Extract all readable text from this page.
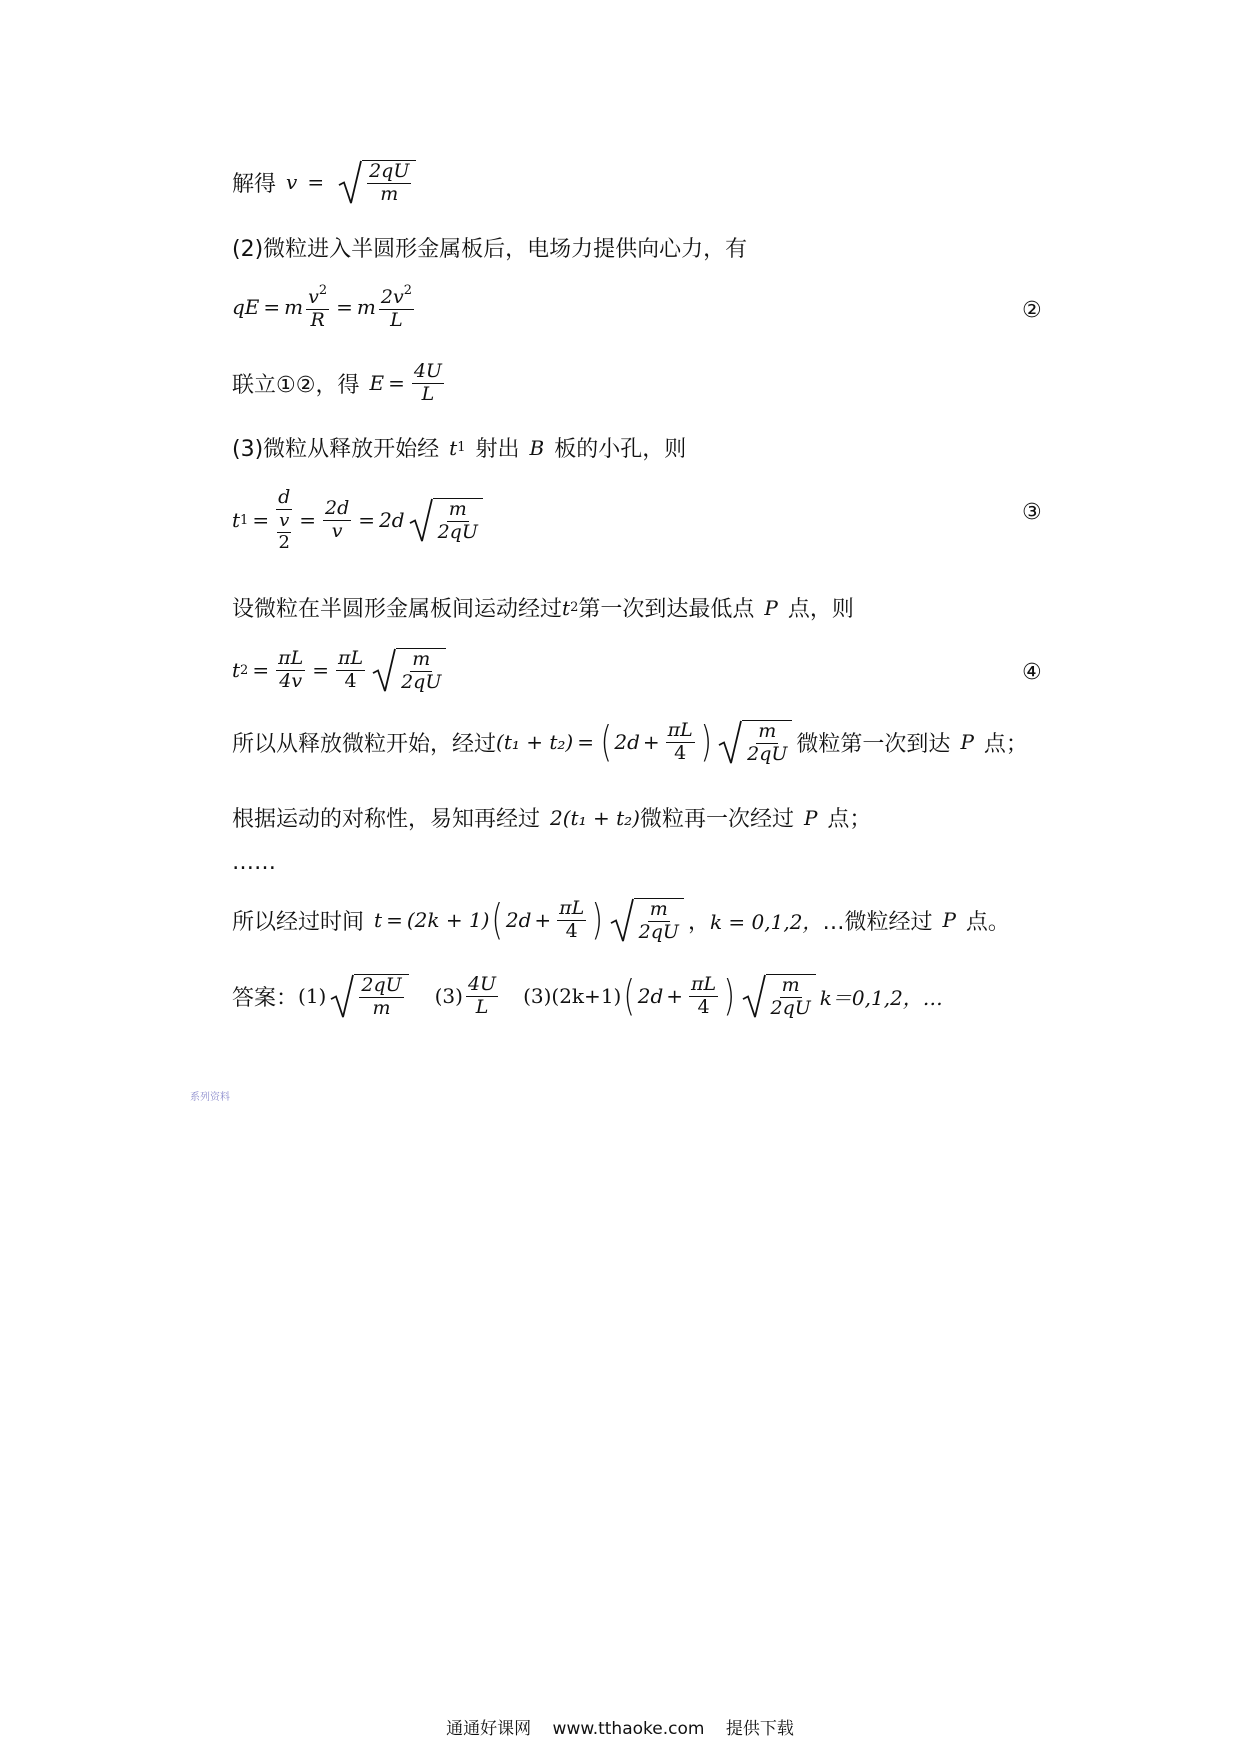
解得 $v = \frac{2qU}{m}$
(2)微粒进入半圆形金属板后，电场力提供向心力，有
qE = m $\frac{v^2}{R} = m \frac{2v^2}{L}$	②
联立①②，得 $E = \frac{4U}{L}$
(3)微粒从释放开始经 t 1 射出 B 板的小孔，则
t $1 = \frac{d}{\frac{v}{2}} = \frac{2d}{v} = 2d \frac{m}{2qU}$	③
设微粒在半圆形金属板间运动经过 t 2 第一次到达最低点 P 点，则
t $2 = \frac{\pi L}{4v} = \frac{\pi L}{4} \frac{m}{2qU}$	④
所以从释放微粒开始，经过 (t₁ + t₂) = ( $2d + \frac{\pi L}{4}$ ) $\frac{m}{2qU}$ 微粒第一次到达 P 点；
根据运动的对称性，易知再经过 2(t₁ + t₂) 微粒再一次经过 P 点；
……
所以经过时间 t = (2k + 1) ( $2d + \frac{\pi L}{4}$ ) $\frac{m}{2qU}$ ， k = 0,1,2， …微粒经过 P 点。
答案： $(1) \frac{2qU}{m} (3) \frac{4U}{L} (3)(2k+1)$ ( $2d + \frac{\pi L}{4}$ ) $\frac{m}{2qU} k=0,1,2$，…
系列资料
通通好课网 www.tthaoke.com 提供下载
